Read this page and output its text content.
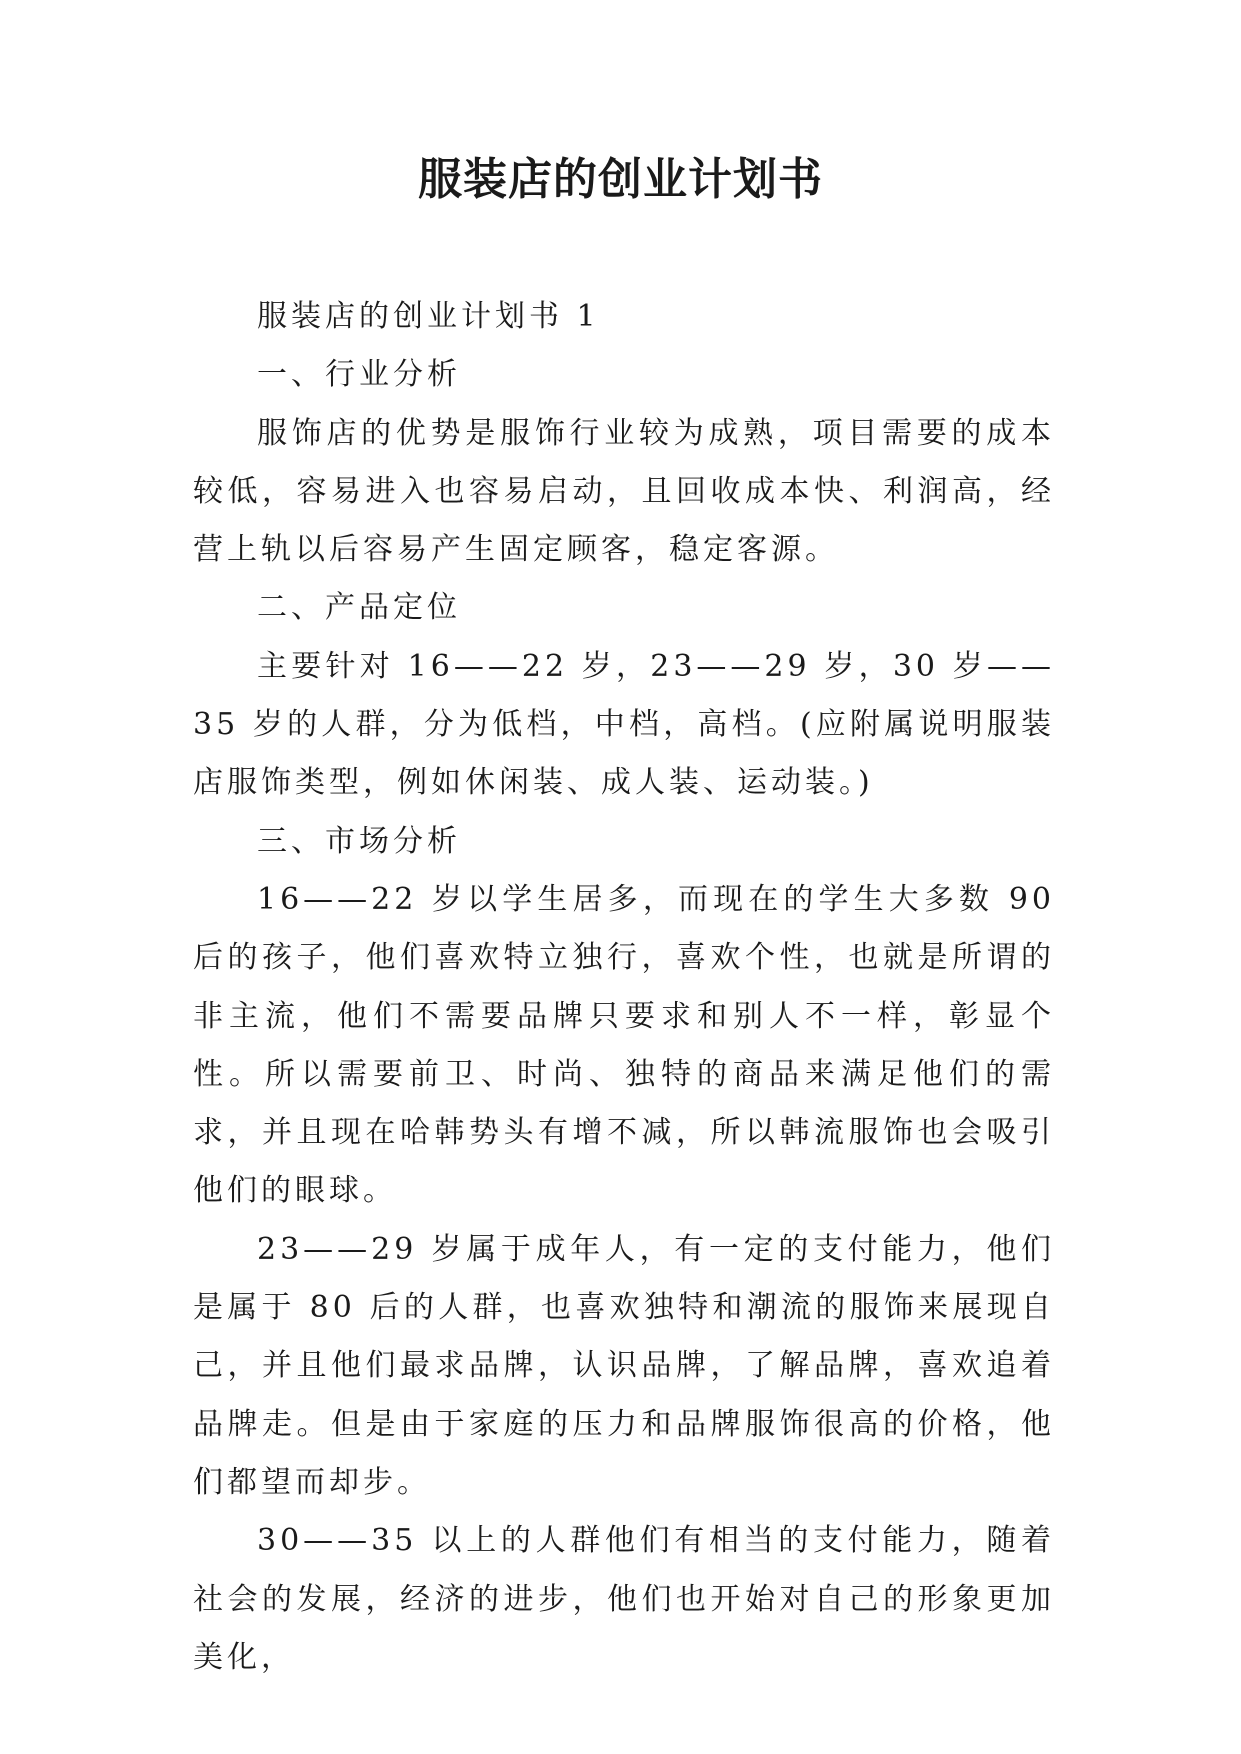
服装店的创业计划书

服装店的创业计划书 1

一、行业分析

服饰店的优势是服饰行业较为成熟，项目需要的成本较低，容易进入也容易启动，且回收成本快、利润高，经营上轨以后容易产生固定顾客，稳定客源。

二、产品定位

主要针对 16——22 岁，23——29 岁，30 岁——35 岁的人群，分为低档，中档，高档。(应附属说明服装店服饰类型，例如休闲装、成人装、运动装。)

三、市场分析

16——22 岁以学生居多，而现在的学生大多数 90 后的孩子，他们喜欢特立独行，喜欢个性，也就是所谓的非主流，他们不需要品牌只要求和别人不一样，彰显个性。所以需要前卫、时尚、独特的商品来满足他们的需求，并且现在哈韩势头有增不减，所以韩流服饰也会吸引他们的眼球。

23——29 岁属于成年人，有一定的支付能力，他们是属于 80 后的人群，也喜欢独特和潮流的服饰来展现自己，并且他们最求品牌，认识品牌，了解品牌，喜欢追着品牌走。但是由于家庭的压力和品牌服饰很高的价格，他们都望而却步。

30——35 以上的人群他们有相当的支付能力，随着社会的发展，经济的进步，他们也开始对自己的形象更加美化，
